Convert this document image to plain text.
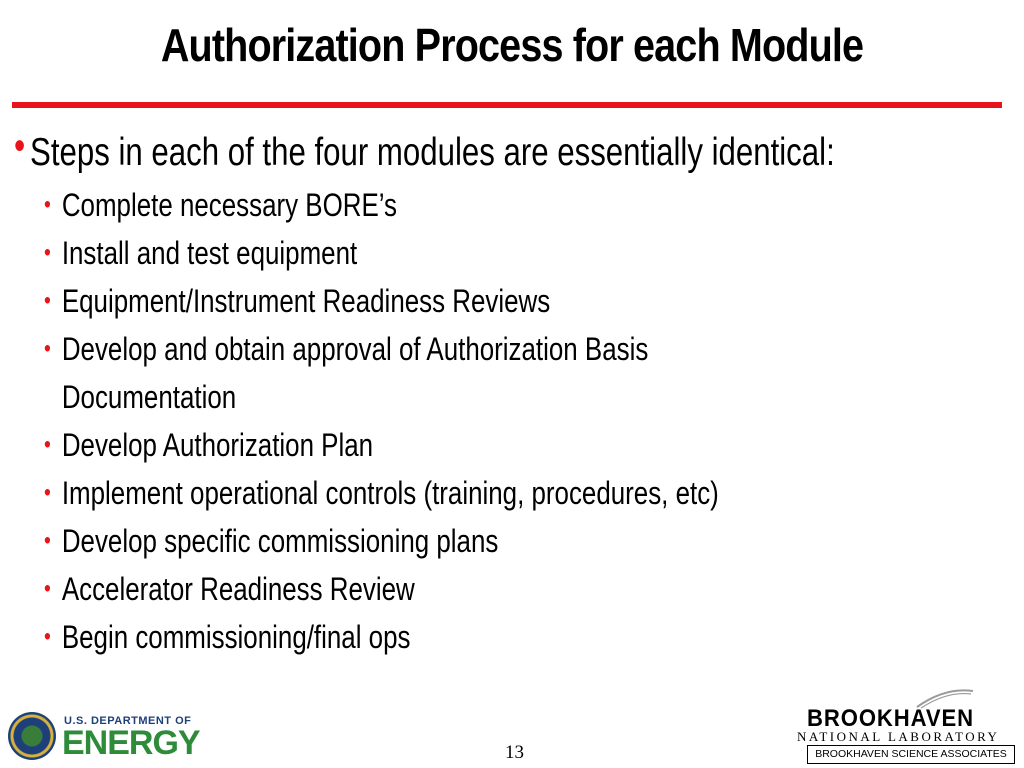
Authorization Process for each Module
• Steps in each of the four modules are essentially identical:
• Complete necessary BORE’s
• Install and test equipment
• Equipment/Instrument Readiness Reviews
• Develop and obtain approval of Authorization Basis
Documentation
• Develop Authorization Plan
• Implement operational controls (training, procedures, etc)
• Develop specific commissioning plans
• Accelerator Readiness Review
• Begin commissioning/final ops
U.S. DEPARTMENT OF
ENERGY	13
BROOKHAVEN
NATIONAL LABORATORY
BROOKHAVEN SCIENCE ASSOCIATES
